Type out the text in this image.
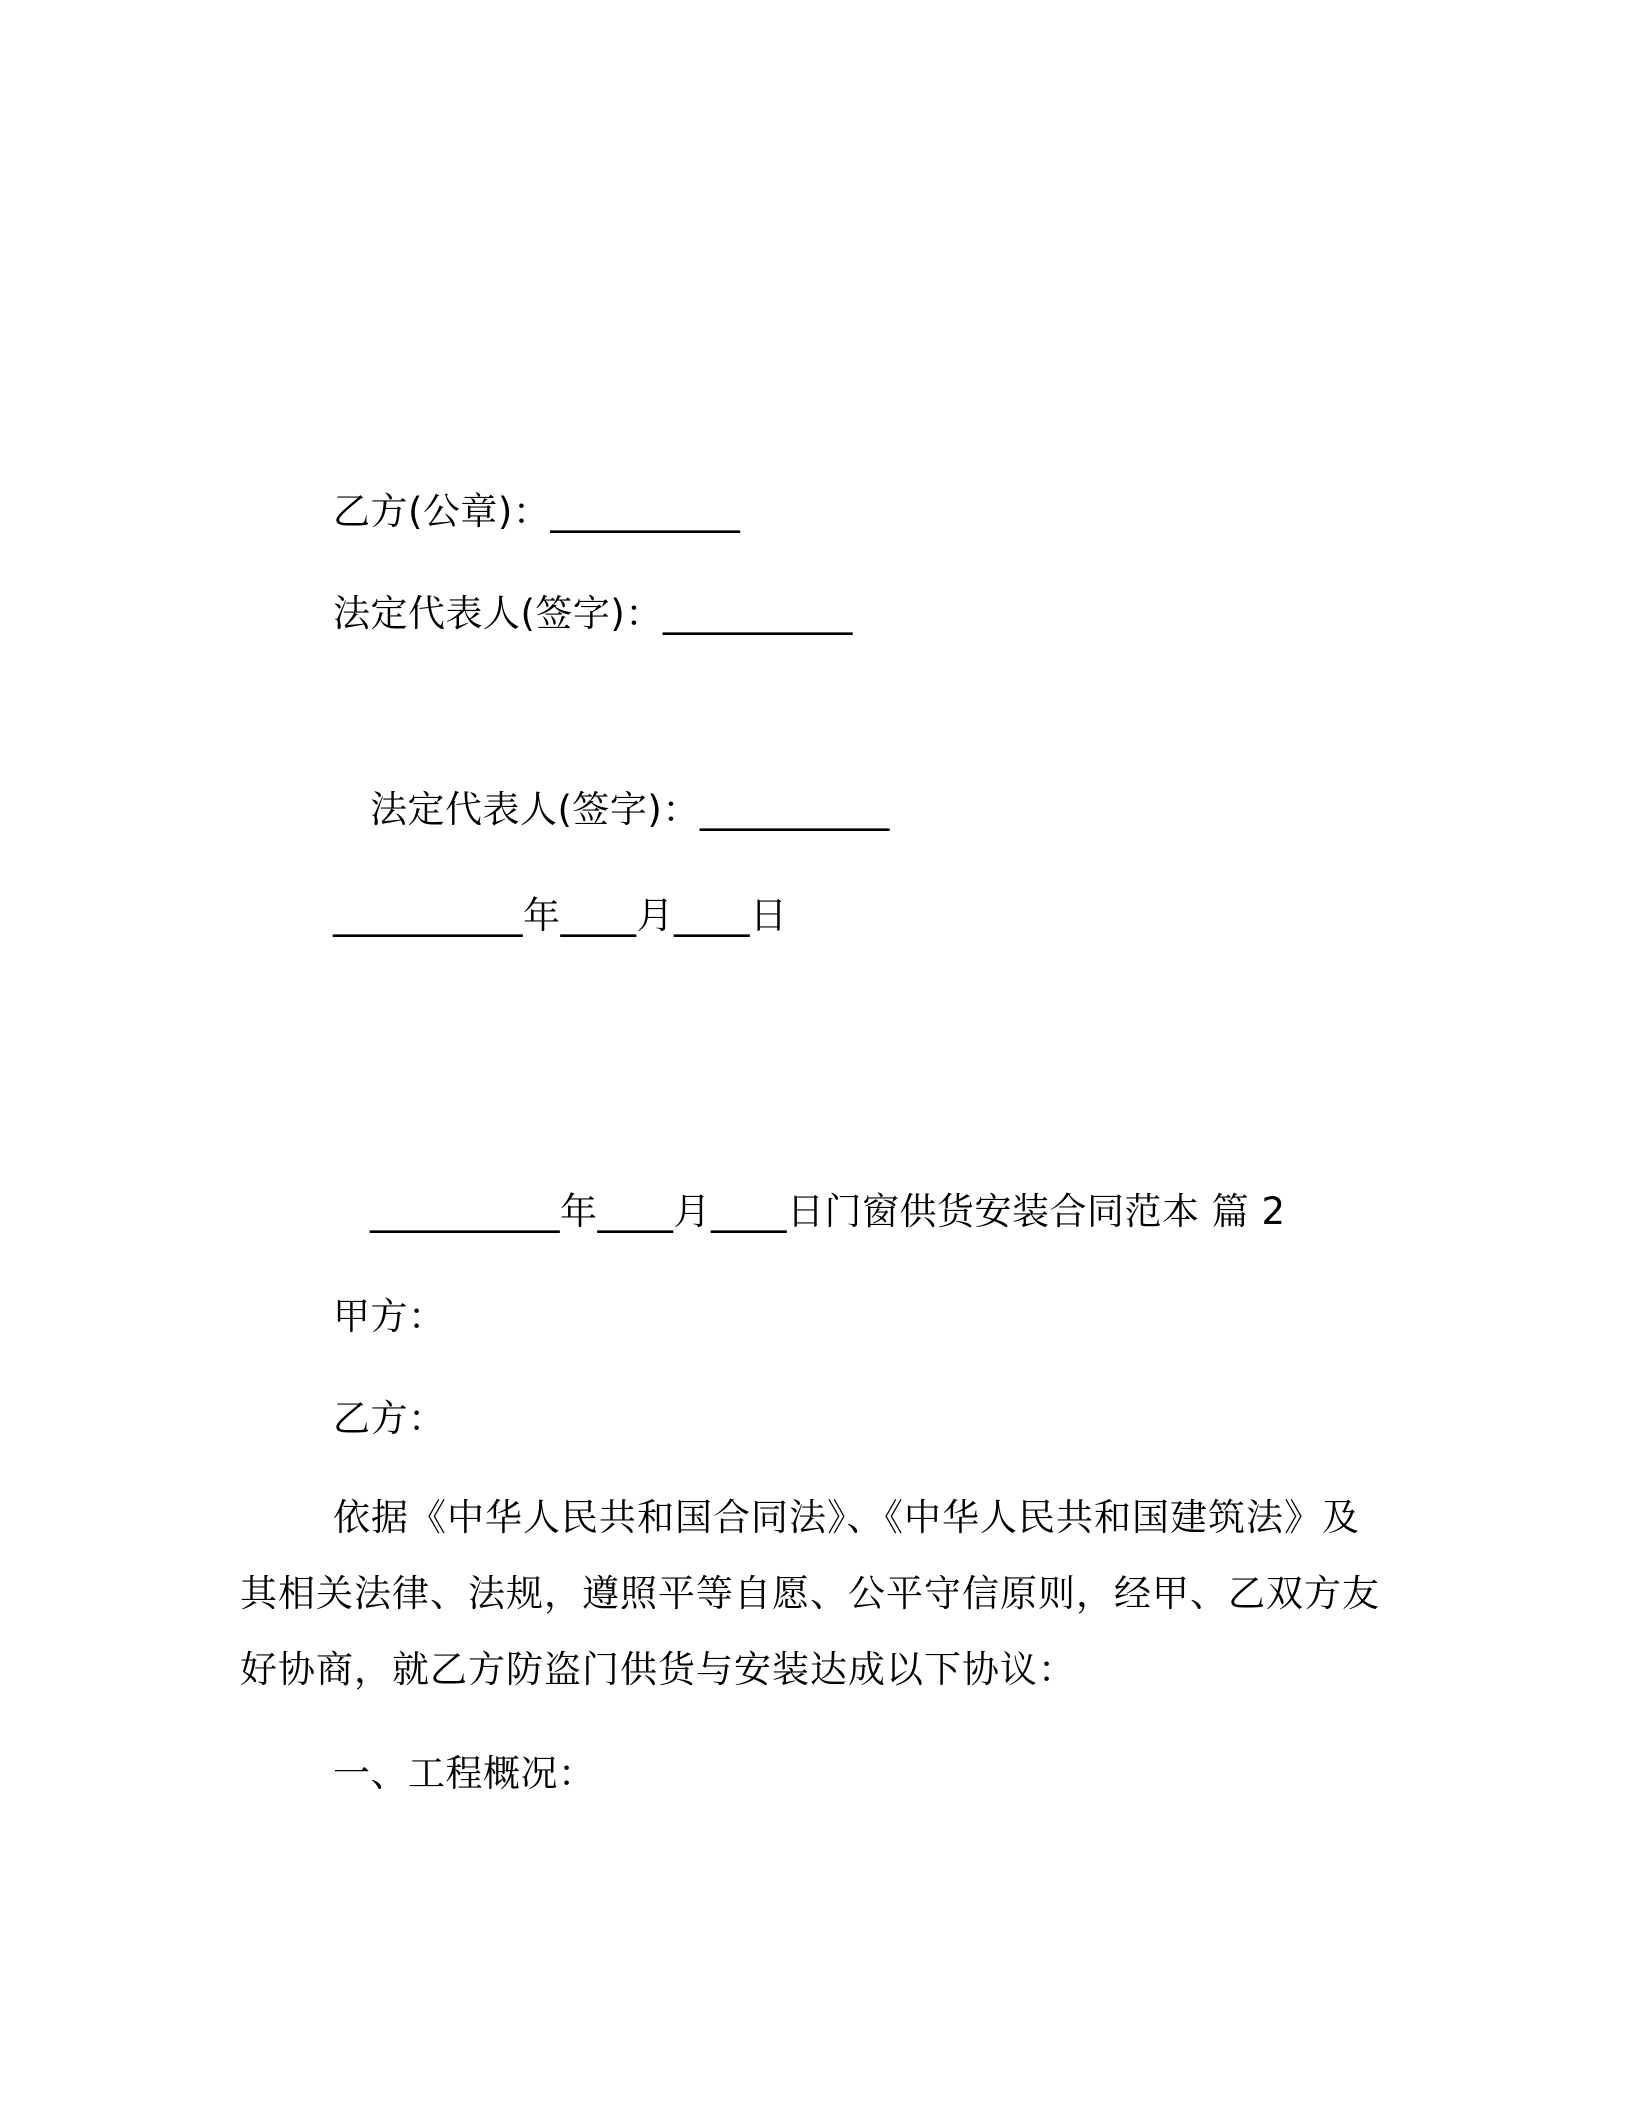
乙方(公章)：__________
法定代表人(签字)：__________
法定代表人(签字)：__________
__________年____月____日
__________年____月____日门窗供货安装合同范本 篇 2
甲方：
乙方：
依据《中华人民共和国合同法》、《中华人民共和国建筑法》及其相关法律、法规，遵照平等自愿、公平守信原则，经甲、乙双方友好协商，就乙方防盗门供货与安装达成以下协议：
一、工程概况：
